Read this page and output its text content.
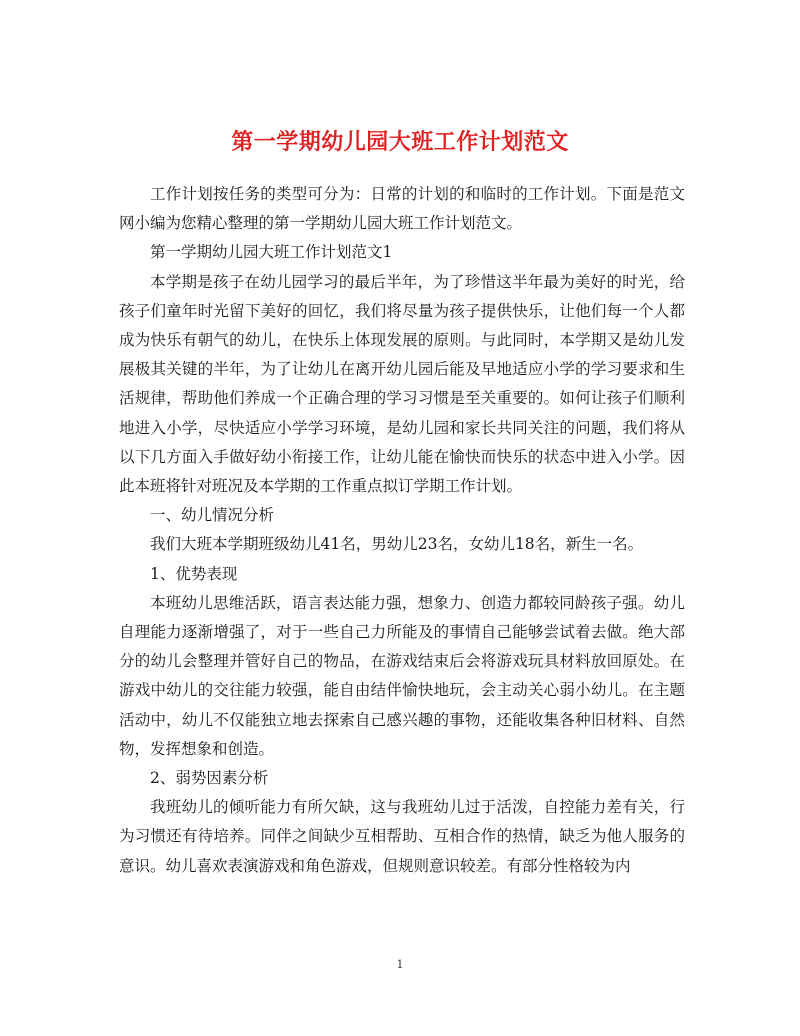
第一学期幼儿园大班工作计划范文

工作计划按任务的类型可分为：日常的计划的和临时的工作计划。下面是范文网小编为您精心整理的第一学期幼儿园大班工作计划范文。

第一学期幼儿园大班工作计划范文1

本学期是孩子在幼儿园学习的最后半年，为了珍惜这半年最为美好的时光，给孩子们童年时光留下美好的回忆，我们将尽量为孩子提供快乐，让他们每一个人都成为快乐有朝气的幼儿，在快乐上体现发展的原则。与此同时，本学期又是幼儿发展极其关键的半年，为了让幼儿在离开幼儿园后能及早地适应小学的学习要求和生活规律，帮助他们养成一个正确合理的学习习惯是至关重要的。如何让孩子们顺利地进入小学，尽快适应小学学习环境，是幼儿园和家长共同关注的问题，我们将从以下几方面入手做好幼小衔接工作，让幼儿能在愉快而快乐的状态中进入小学。因此本班将针对班况及本学期的工作重点拟订学期工作计划。

一、幼儿情况分析

我们大班本学期班级幼儿41名，男幼儿23名，女幼儿18名，新生一名。

1、优势表现

本班幼儿思维活跃，语言表达能力强，想象力、创造力都较同龄孩子强。幼儿自理能力逐渐增强了，对于一些自己力所能及的事情自己能够尝试着去做。绝大部分的幼儿会整理并管好自己的物品，在游戏结束后会将游戏玩具材料放回原处。在游戏中幼儿的交往能力较强，能自由结伴愉快地玩，会主动关心弱小幼儿。在主题活动中，幼儿不仅能独立地去探索自己感兴趣的事物，还能收集各种旧材料、自然物，发挥想象和创造。

2、弱势因素分析

我班幼儿的倾听能力有所欠缺，这与我班幼儿过于活泼，自控能力差有关，行为习惯还有待培养。同伴之间缺少互相帮助、互相合作的热情，缺乏为他人服务的意识。幼儿喜欢表演游戏和角色游戏，但规则意识较差。有部分性格较为内

1
